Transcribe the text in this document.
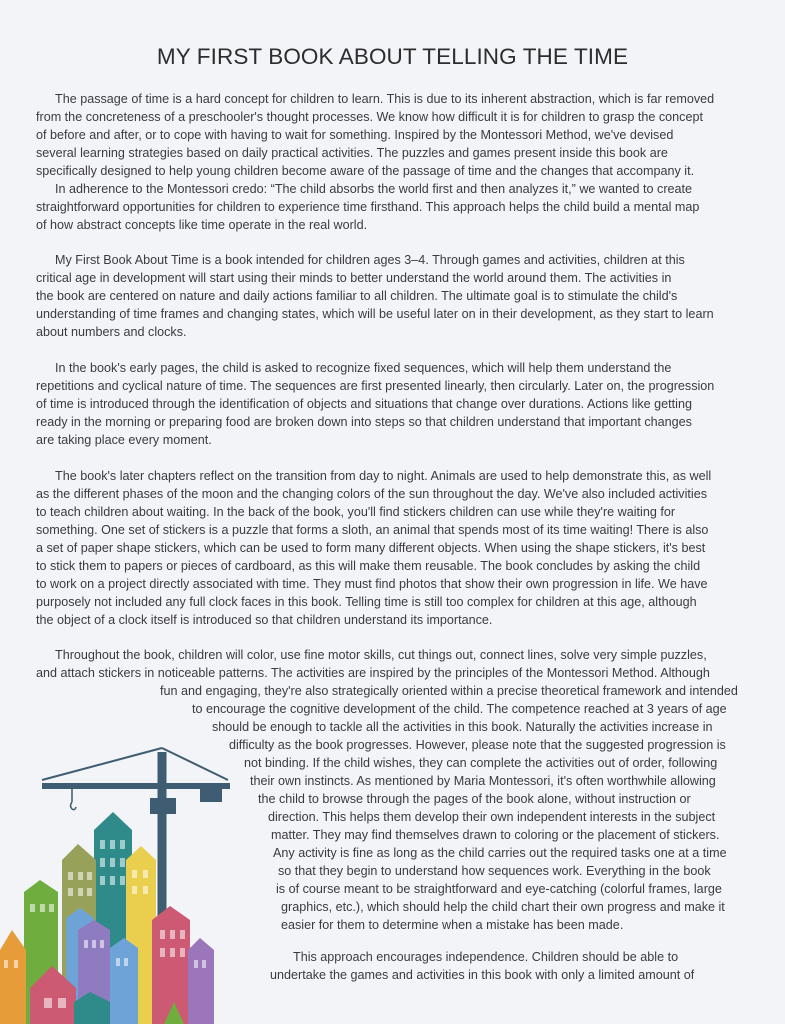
MY FIRST BOOK ABOUT TELLING THE TIME

The passage of time is a hard concept for children to learn. This is due to its inherent abstraction, which is far removed

from the concreteness of a preschooler's thought processes. We know how difficult it is for children to grasp the concept

of before and after, or to cope with having to wait for something. Inspired by the Montessori Method, we've devised

several learning strategies based on daily practical activities. The puzzles and games present inside this book are

specifically designed to help young children become aware of the passage of time and the changes that accompany it.

In adherence to the Montessori credo: “The child absorbs the world first and then analyzes it,” we wanted to create

straightforward opportunities for children to experience time firsthand. This approach helps the child build a mental map

of how abstract concepts like time operate in the real world.

My First Book About Time is a book intended for children ages 3–4. Through games and activities, children at this

critical age in development will start using their minds to better understand the world around them. The activities in

the book are centered on nature and daily actions familiar to all children. The ultimate goal is to stimulate the child's

understanding of time frames and changing states, which will be useful later on in their development, as they start to learn

about numbers and clocks.

In the book's early pages, the child is asked to recognize fixed sequences, which will help them understand the

repetitions and cyclical nature of time. The sequences are first presented linearly, then circularly. Later on, the progression

of time is introduced through the identification of objects and situations that change over durations. Actions like getting

ready in the morning or preparing food are broken down into steps so that children understand that important changes

are taking place every moment.

The book's later chapters reflect on the transition from day to night. Animals are used to help demonstrate this, as well

as the different phases of the moon and the changing colors of the sun throughout the day. We've also included activities

to teach children about waiting. In the back of the book, you'll find stickers children can use while they're waiting for

something. One set of stickers is a puzzle that forms a sloth, an animal that spends most of its time waiting! There is also

a set of paper shape stickers, which can be used to form many different objects. When using the shape stickers, it's best

to stick them to papers or pieces of cardboard, as this will make them reusable. The book concludes by asking the child

to work on a project directly associated with time. They must find photos that show their own progression in life. We have

purposely not included any full clock faces in this book. Telling time is still too complex for children at this age, although

the object of a clock itself is introduced so that children understand its importance.

Throughout the book, children will color, use fine motor skills, cut things out, connect lines, solve very simple puzzles,

and attach stickers in noticeable patterns. The activities are inspired by the principles of the Montessori Method. Although

fun and engaging, they're also strategically oriented within a precise theoretical framework and intended

to encourage the cognitive development of the child. The competence reached at 3 years of age

should be enough to tackle all the activities in this book. Naturally the activities increase in

difficulty as the book progresses. However, please note that the suggested progression is

not binding. If the child wishes, they can complete the activities out of order, following

their own instincts. As mentioned by Maria Montessori, it's often worthwhile allowing

the child to browse through the pages of the book alone, without instruction or

direction. This helps them develop their own independent interests in the subject

matter. They may find themselves drawn to coloring or the placement of stickers.

Any activity is fine as long as the child carries out the required tasks one at a time

so that they begin to understand how sequences work. Everything in the book

is of course meant to be straightforward and eye-catching (colorful frames, large

graphics, etc.), which should help the child chart their own progress and make it

easier for them to determine when a mistake has been made.

This approach encourages independence. Children should be able to

undertake the games and activities in this book with only a limited amount of
